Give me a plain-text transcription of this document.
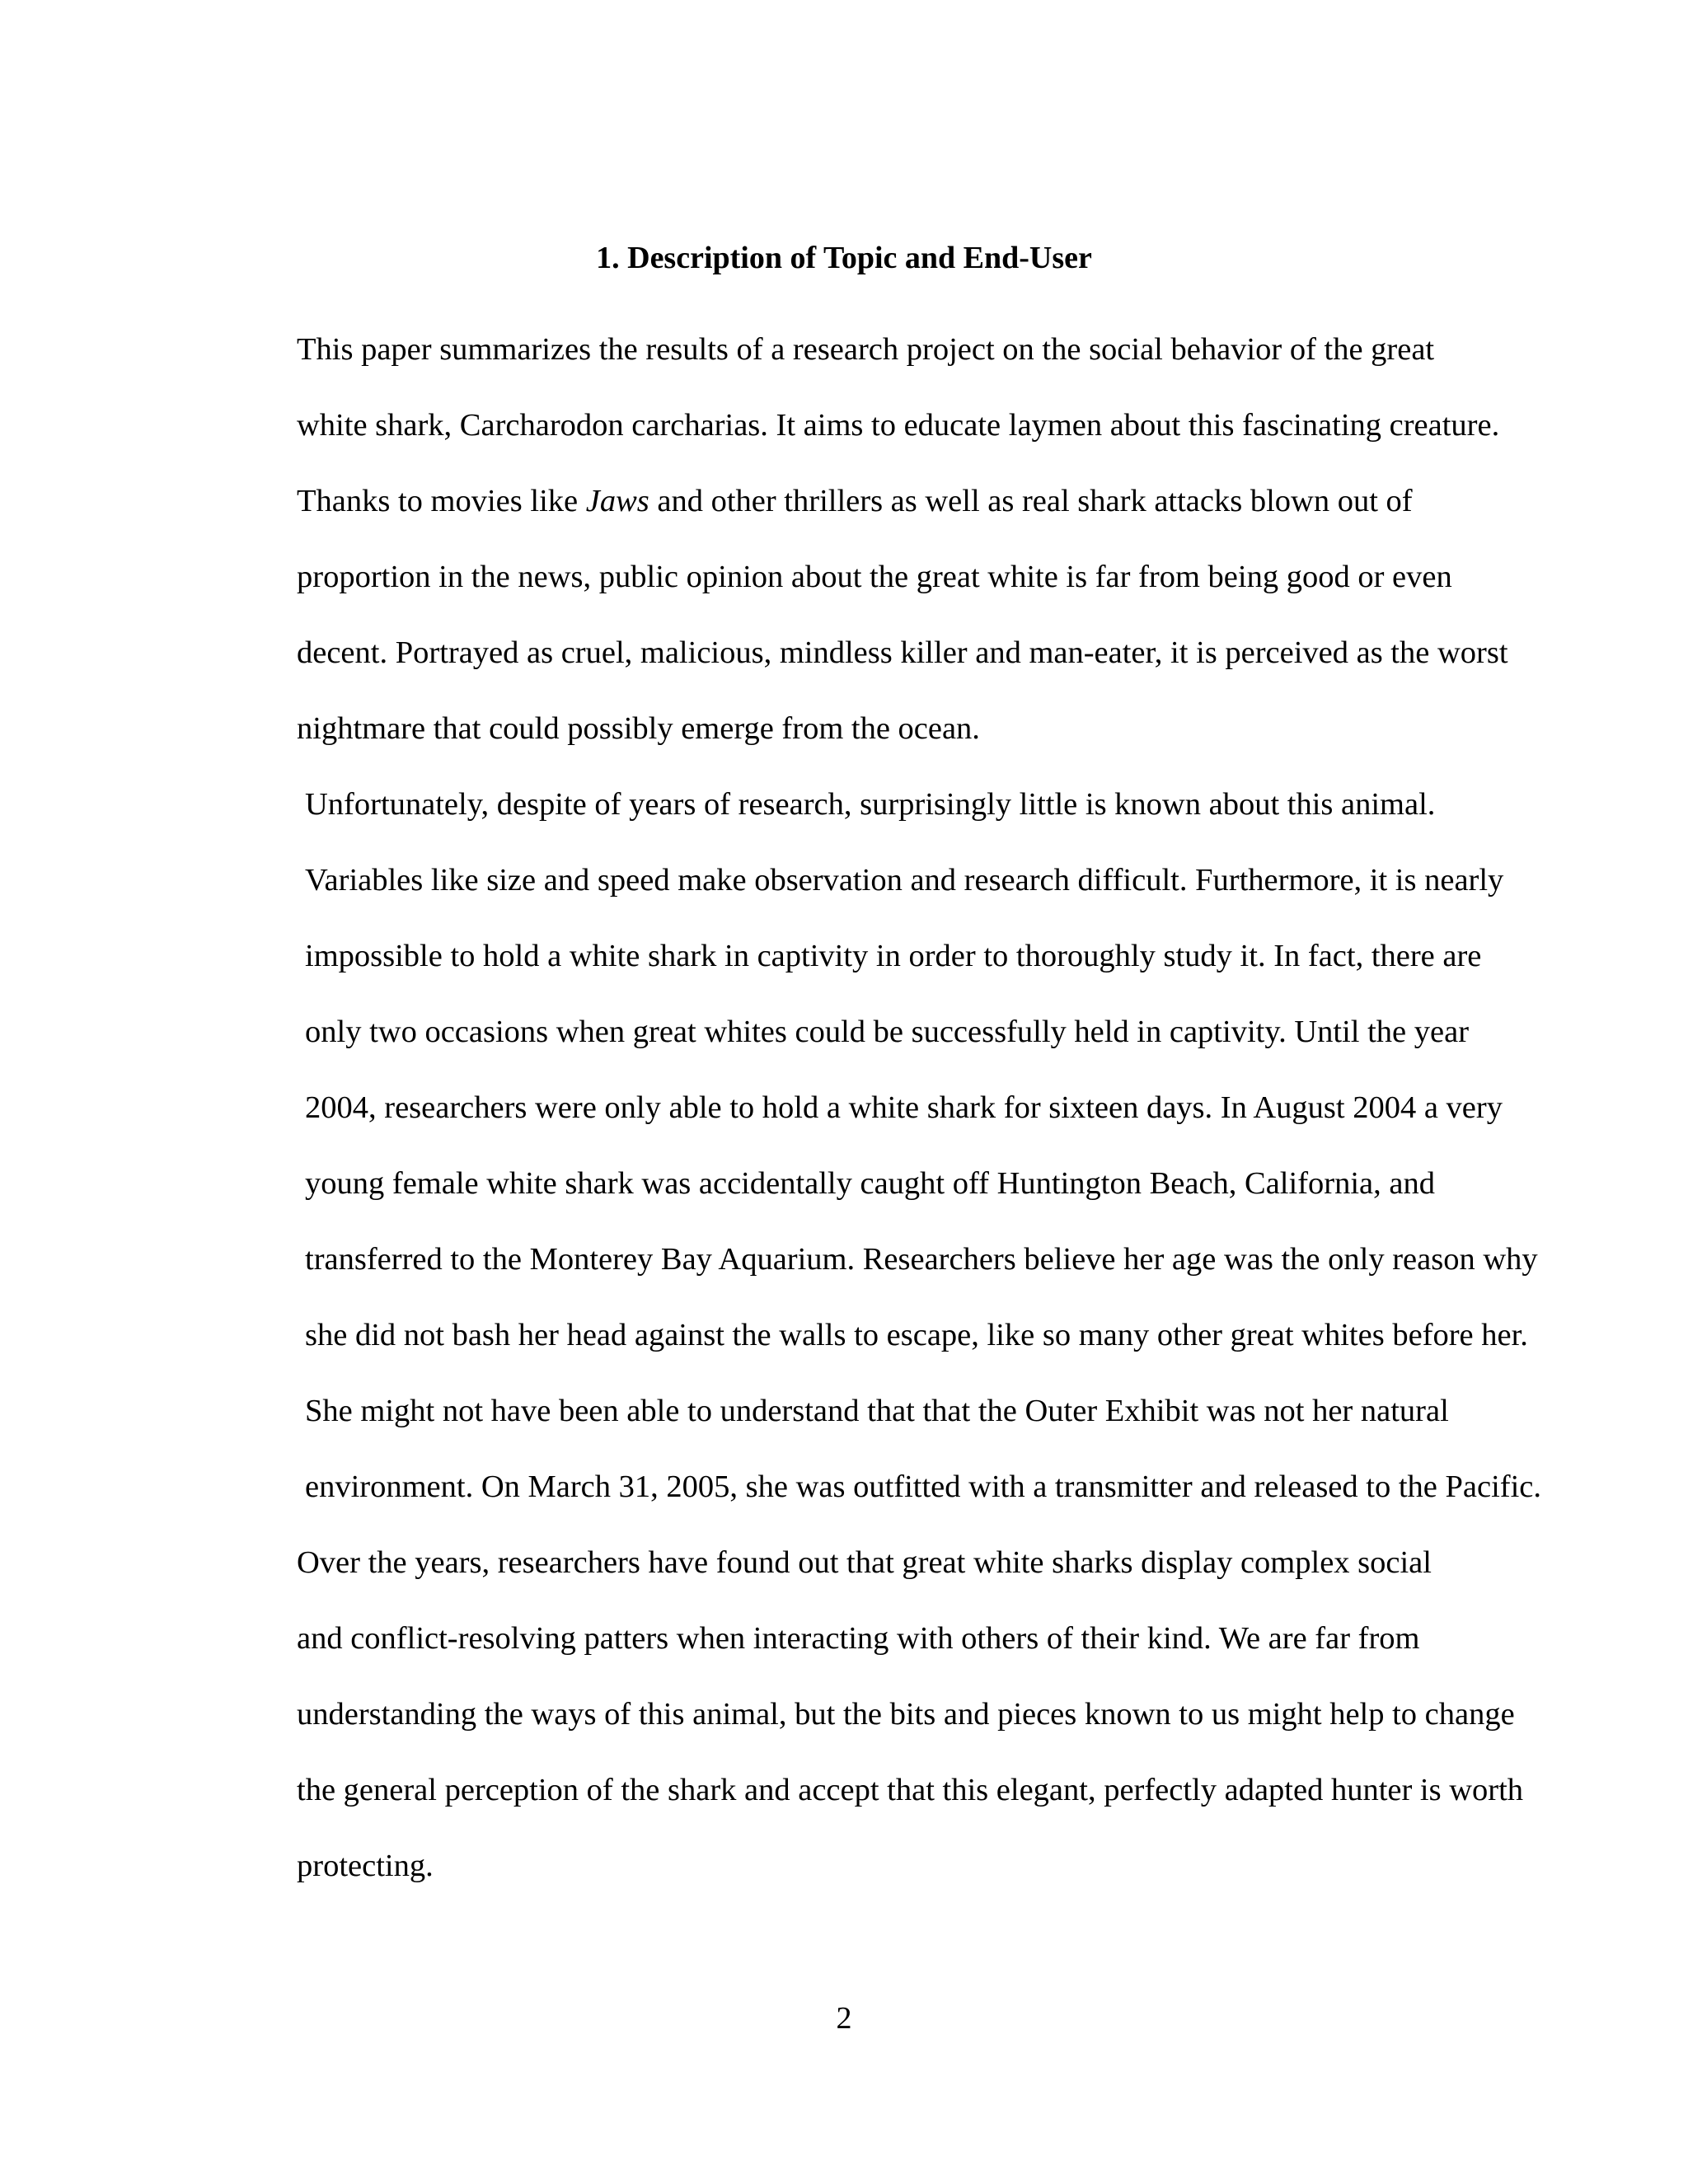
1. Description of Topic and End-User

This paper summarizes the results of a research project on the social behavior of the great
white shark, Carcharodon carcharias. It aims to educate laymen about this fascinating creature.
Thanks to movies like Jaws and other thrillers as well as real shark attacks blown out of
proportion in the news, public opinion about the great white is far from being good or even
decent. Portrayed as cruel, malicious, mindless killer and man-eater, it is perceived as the worst
nightmare that could possibly emerge from the ocean.

Unfortunately, despite of years of research, surprisingly little is known about this animal.
Variables like size and speed make observation and research difficult. Furthermore, it is nearly
impossible to hold a white shark in captivity in order to thoroughly study it. In fact, there are
only two occasions when great whites could be successfully held in captivity. Until the year
2004, researchers were only able to hold a white shark for sixteen days. In August 2004 a very
young female white shark was accidentally caught off Huntington Beach, California, and
transferred to the Monterey Bay Aquarium. Researchers believe her age was the only reason why
she did not bash her head against the walls to escape, like so many other great whites before her.
She might not have been able to understand that that the Outer Exhibit was not her natural
environment. On March 31, 2005, she was outfitted with a transmitter and released to the Pacific.

Over the years, researchers have found out that great white sharks display complex social
and conflict-resolving patters when interacting with others of their kind. We are far from
understanding the ways of this animal, but the bits and pieces known to us might help to change
the general perception of the shark and accept that this elegant, perfectly adapted hunter is worth
protecting.

2
